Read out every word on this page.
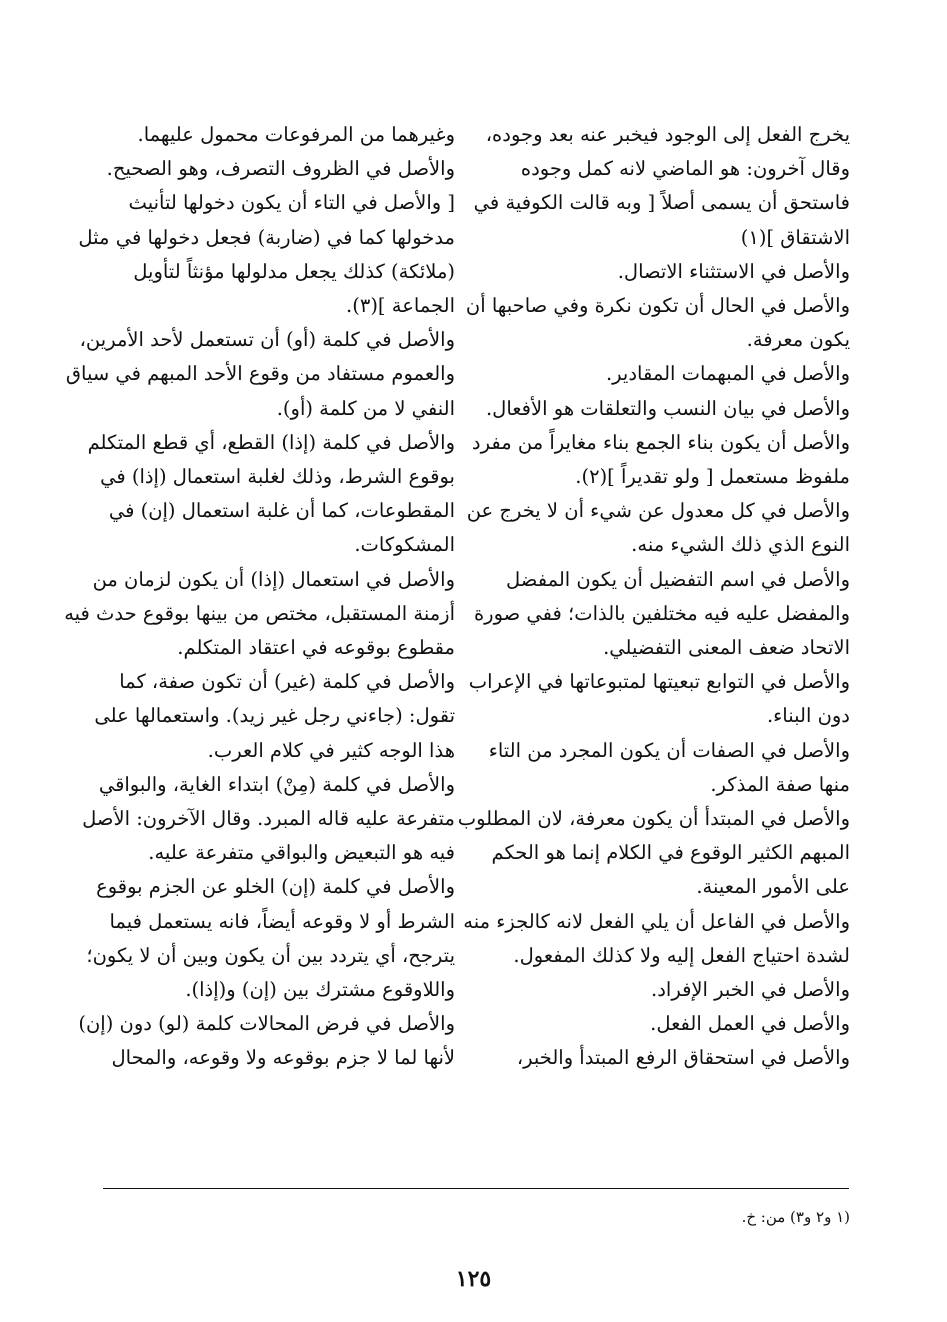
يخرج الفعل إلى الوجود فيخبر عنه بعد وجوده،
وقال آخرون: هو الماضي لانه كمل وجوده
فاستحق أن يسمى أصلاً [ وبه قالت الكوفية في
الاشتقاق ](١)
والأصل في الاستثناء الاتصال.
والأصل في الحال أن تكون نكرة وفي صاحبها أن
يكون معرفة.
والأصل في المبهمات المقادير.
والأصل في بيان النسب والتعلقات هو الأفعال.
والأصل أن يكون بناء الجمع بناء مغايراً من مفرد
ملفوظ مستعمل [ ولو تقديراً ](٢).
والأصل في كل معدول عن شيء أن لا يخرج عن
النوع الذي ذلك الشيء منه.
والأصل في اسم التفضيل أن يكون المفضل
والمفضل عليه فيه مختلفين بالذات؛ ففي صورة
الاتحاد ضعف المعنى التفضيلي.
والأصل في التوابع تبعيتها لمتبوعاتها في الإعراب
دون البناء.
والأصل في الصفات أن يكون المجرد من التاء
منها صفة المذكر.
والأصل في المبتدأ أن يكون معرفة، لان المطلوب
المبهم الكثير الوقوع في الكلام إنما هو الحكم
على الأمور المعينة.
والأصل في الفاعل أن يلي الفعل لانه كالجزء منه
لشدة احتياج الفعل إليه ولا كذلك المفعول.
والأصل في الخبر الإفراد.
والأصل في العمل الفعل.
والأصل في استحقاق الرفع المبتدأ والخبر،
وغيرهما من المرفوعات محمول عليهما.
والأصل في الظروف التصرف، وهو الصحيح.
[ والأصل في التاء أن يكون دخولها لتأنيث
مدخولها كما في (ضاربة) فجعل دخولها في مثل
(ملائكة) كذلك يجعل مدلولها مؤنثاً لتأويل
الجماعة ](٣).
والأصل في كلمة (أو) أن تستعمل لأحد الأمرين،
والعموم مستفاد من وقوع الأحد المبهم في سياق
النفي لا من كلمة (أو).
والأصل في كلمة (إذا) القطع، أي قطع المتكلم
بوقوع الشرط، وذلك لغلبة استعمال (إذا) في
المقطوعات، كما أن غلبة استعمال (إن) في
المشكوكات.
والأصل في استعمال (إذا) أن يكون لزمان من
أزمنة المستقبل، مختص من بينها بوقوع حدث فيه
مقطوع بوقوعه في اعتقاد المتكلم.
والأصل في كلمة (غير) أن تكون صفة، كما
تقول: (جاءني رجل غير زيد). واستعمالها على
هذا الوجه كثير في كلام العرب.
والأصل في كلمة (مِنْ) ابتداء الغاية، والبواقي
متفرعة عليه قاله المبرد. وقال الآخرون: الأصل
فيه هو التبعيض والبواقي متفرعة عليه.
والأصل في كلمة (إن) الخلو عن الجزم بوقوع
الشرط أو لا وقوعه أيضاً، فانه يستعمل فيما
يترجح، أي يتردد بين أن يكون وبين أن لا يكون؛
واللاوقوع مشترك بين (إن) و(إذا).
والأصل في فرض المحالات كلمة (لو) دون (إن)
لأنها لما لا جزم بوقوعه ولا وقوعه، والمحال
(١ و٢ و٣) من: خ.
١٢٥
